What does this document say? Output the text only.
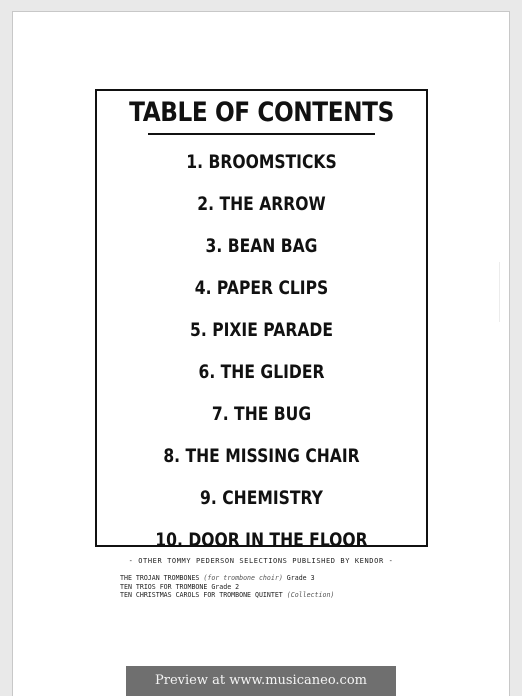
TABLE OF CONTENTS
1. BROOMSTICKS
2. THE ARROW
3. BEAN BAG
4. PAPER CLIPS
5. PIXIE PARADE
6. THE GLIDER
7. THE BUG
8. THE MISSING CHAIR
9. CHEMISTRY
10. DOOR IN THE FLOOR
- OTHER TOMMY PEDERSON SELECTIONS PUBLISHED BY KENDOR -
THE TROJAN TROMBONES (for trombone choir) Grade 3
TEN TRIOS FOR TROMBONE Grade 2
TEN CHRISTMAS CAROLS FOR TROMBONE QUINTET (Collection)
Preview at www.musicaneo.com
